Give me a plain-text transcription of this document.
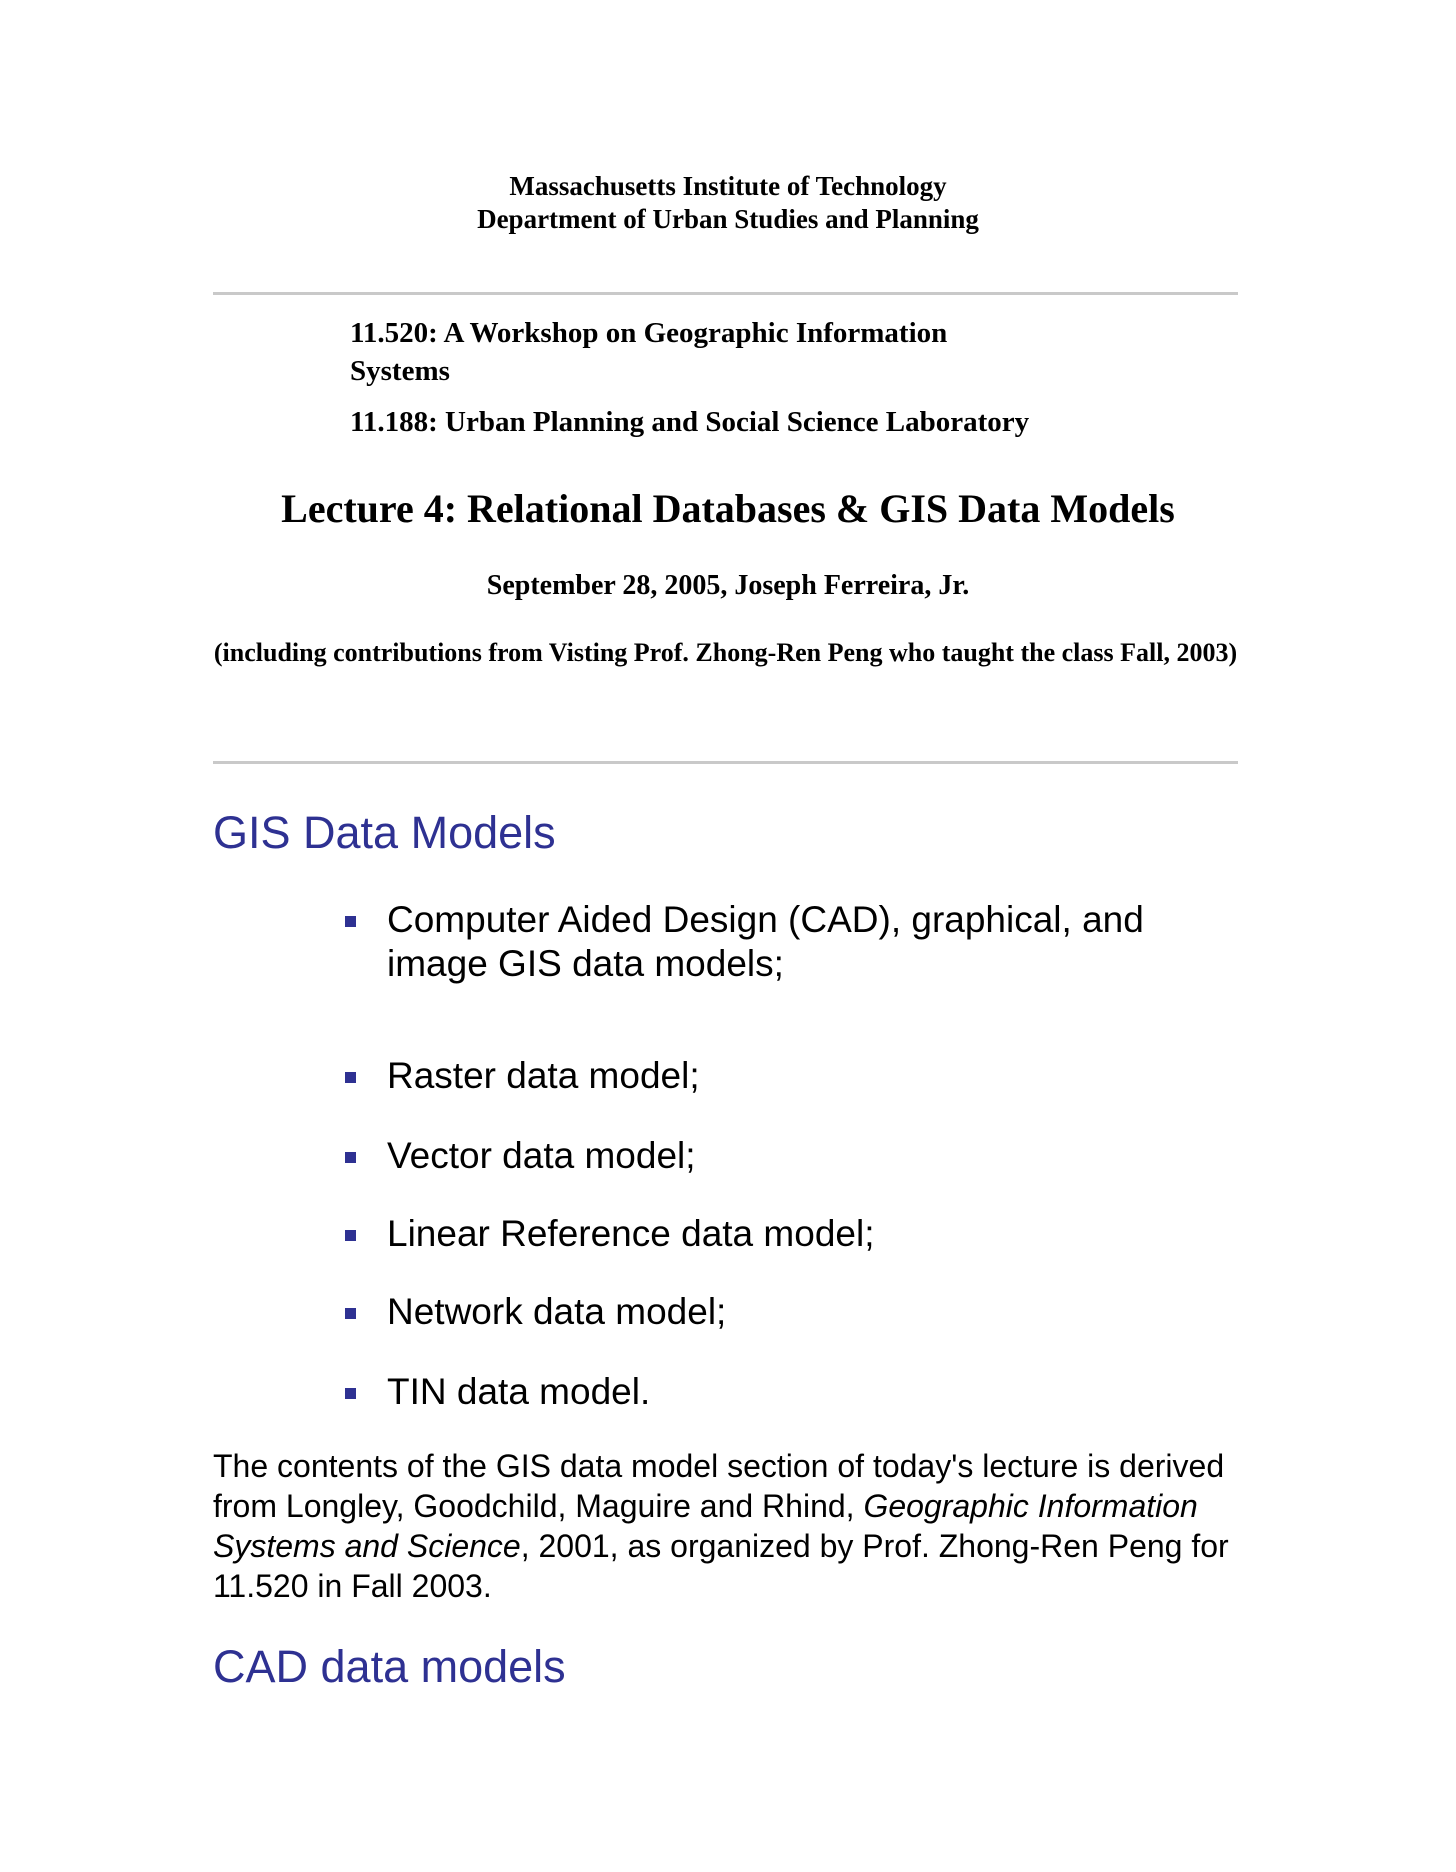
Massachusetts Institute of Technology
Department of Urban Studies and Planning
11.520: A Workshop on Geographic Information Systems
11.188: Urban Planning and Social Science Laboratory
Lecture 4: Relational Databases & GIS Data Models
September 28, 2005, Joseph Ferreira, Jr.
(including contributions from Visting Prof. Zhong-Ren Peng who taught the class Fall, 2003)
GIS Data Models
Computer Aided Design (CAD), graphical, and image GIS data models;
Raster data model;
Vector data model;
Linear Reference data model;
Network data model;
TIN data model.
The contents of the GIS data model section of today's lecture is derived from Longley, Goodchild, Maguire and Rhind, Geographic Information Systems and Science, 2001, as organized by Prof. Zhong-Ren Peng for 11.520 in Fall 2003.
CAD data models
